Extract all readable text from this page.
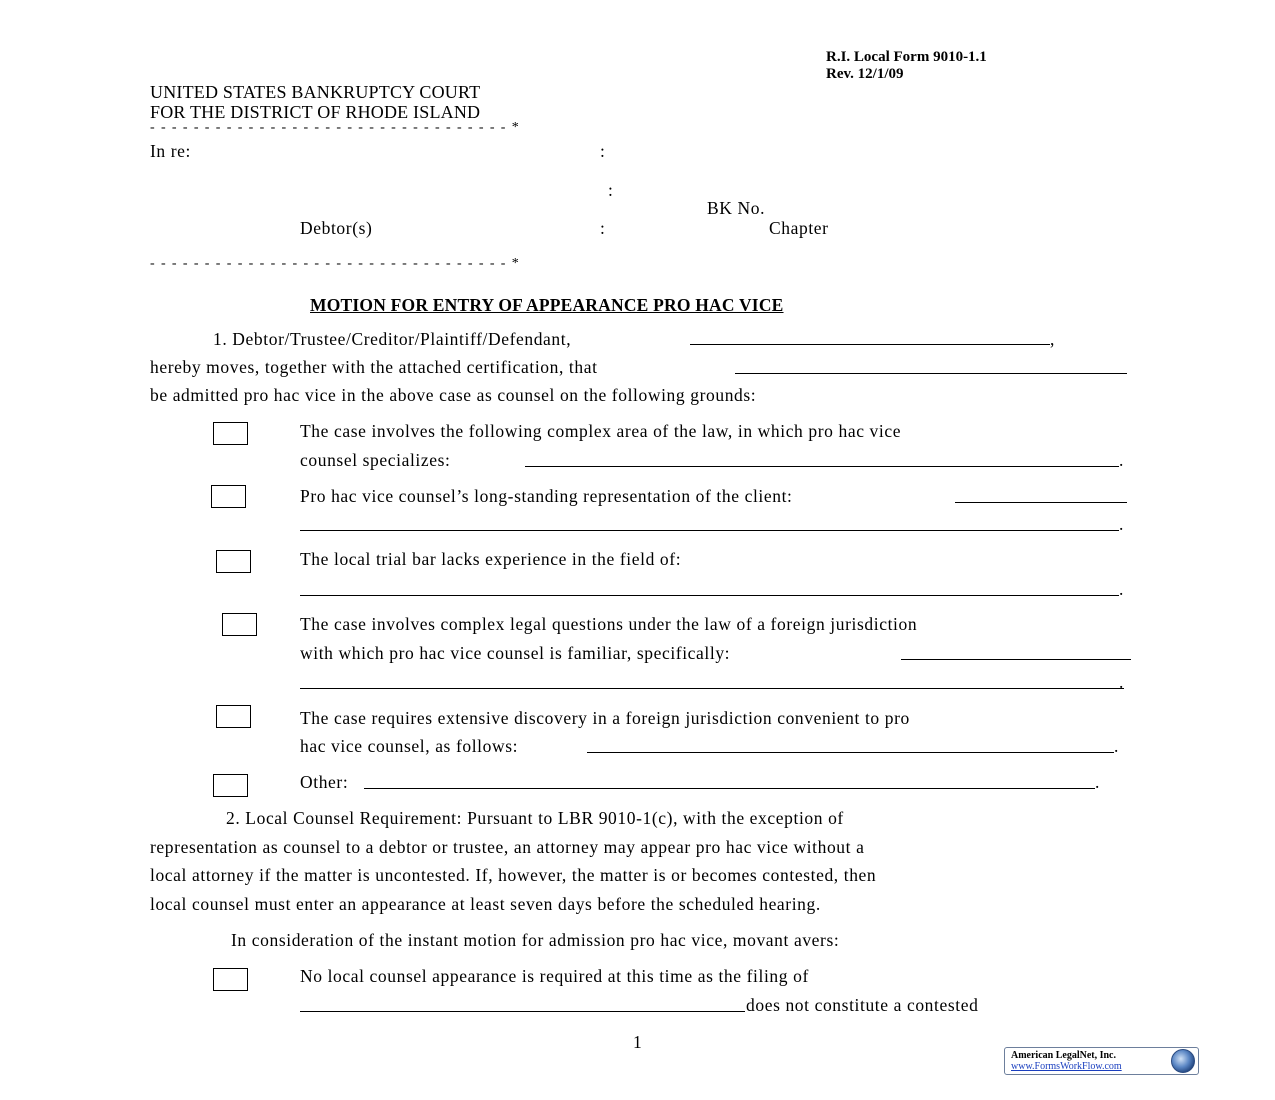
R.I. Local Form 9010-1.1
Rev. 12/1/09
UNITED STATES BANKRUPTCY COURT
FOR THE DISTRICT OF RHODE ISLAND
- - - - - - - - - - - - - - - - - - - - - - - - - - - - - - - - - *
In re:	:
:
BK No.
Debtor(s)	:	Chapter
- - - - - - - - - - - - - - - - - - - - - - - - - - - - - - - - - *
MOTION FOR ENTRY OF APPEARANCE PRO HAC VICE
1. Debtor/Trustee/Creditor/Plaintiff/Defendant,	,
hereby moves, together with the attached certification, that
be admitted pro hac vice in the above case as counsel on the following grounds:
The case involves the following complex area of the law, in which pro hac vice
counsel specializes:	.
Pro hac vice counsel’s long-standing representation of the client:
.
The local trial bar lacks experience in the field of:
.
The case involves complex legal questions under the law of a foreign jurisdiction
with which pro hac vice counsel is familiar, specifically:
.
The case requires extensive discovery in a foreign jurisdiction convenient to pro
hac vice counsel, as follows:	.
Other:	.
2. Local Counsel Requirement: Pursuant to LBR 9010-1(c), with the exception of
representation as counsel to a debtor or trustee, an attorney may appear pro hac vice without a
local attorney if the matter is uncontested. If, however, the matter is or becomes contested, then
local counsel must enter an appearance at least seven days before the scheduled hearing.
In consideration of the instant motion for admission pro hac vice, movant avers:
No local counsel appearance is required at this time as the filing of
does not constitute a contested
1
American LegalNet, Inc.
www.FormsWorkFlow.com
